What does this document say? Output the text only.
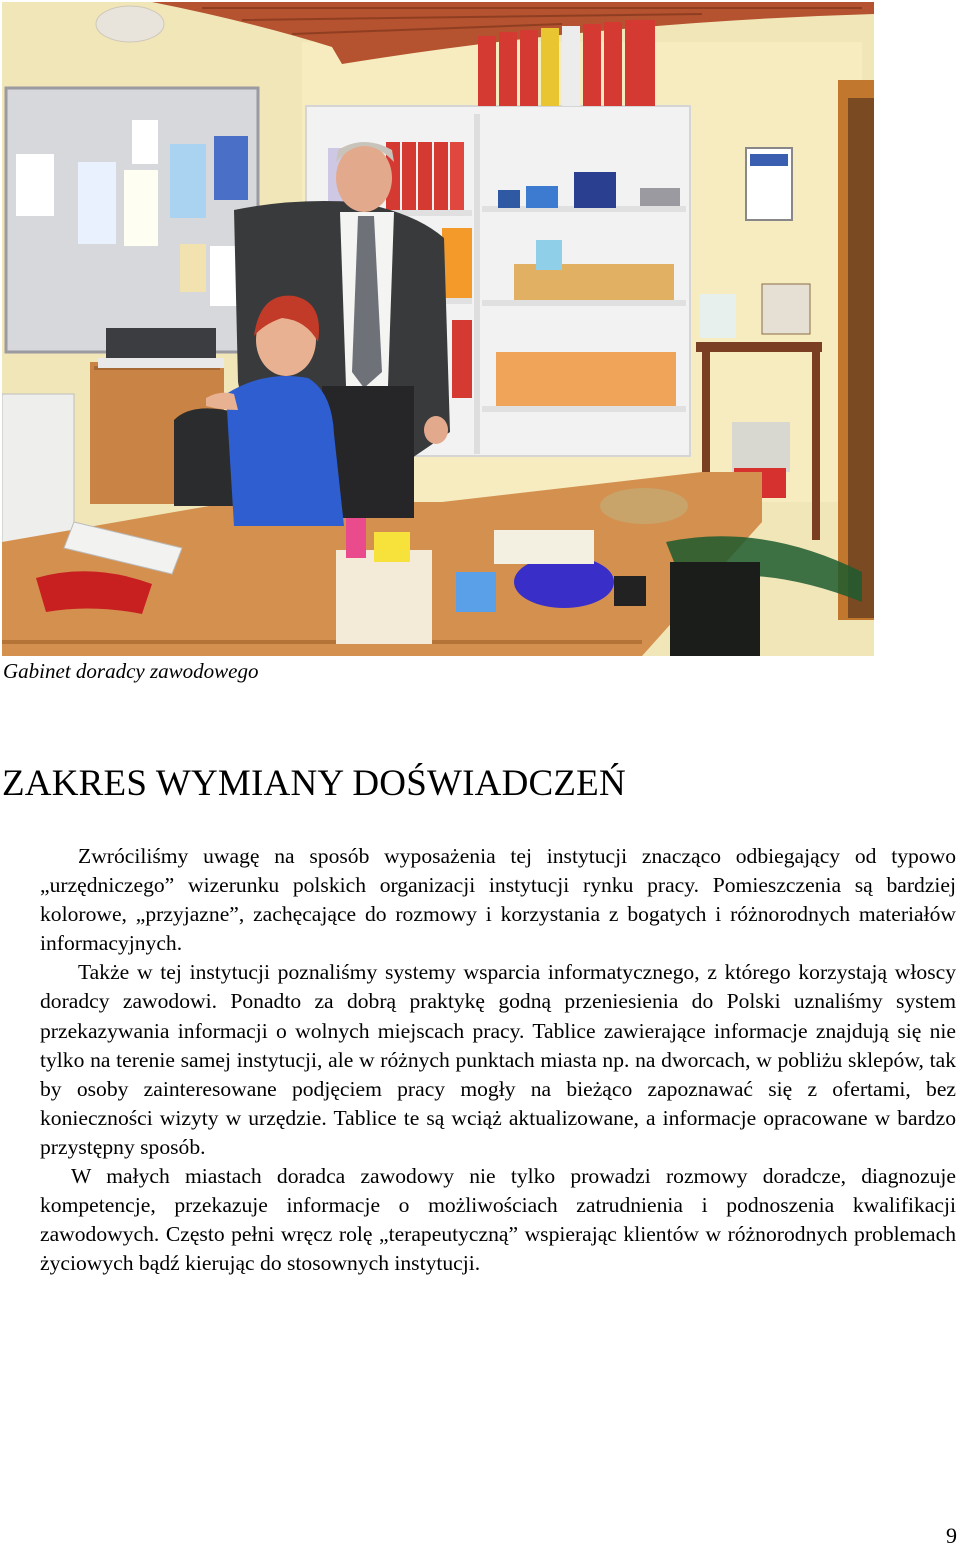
Gabinet doradcy zawodowego
ZAKRES WYMIANY DOŚWIADCZEŃ

Zwróciliśmy uwagę na sposób wyposażenia tej instytucji znacząco odbiegający od typowo „urzędniczego” wizerunku polskich organizacji instytucji rynku pracy. Pomieszczenia są bardziej kolorowe, „przyjazne”, zachęcające do rozmowy i korzystania z bogatych i różnorodnych materiałów informacyjnych.

Także w tej instytucji poznaliśmy systemy wsparcia informatycznego, z którego korzystają włoscy doradcy zawodowi. Ponadto za dobrą praktykę godną przeniesienia do Polski uznaliśmy system przekazywania informacji o wolnych miejscach pracy. Tablice zawierające informacje znajdują się nie tylko na terenie samej instytucji, ale w różnych punktach miasta np. na dworcach, w pobliżu sklepów, tak by osoby zainteresowane podjęciem pracy mogły na bieżąco zapoznawać się z ofertami, bez konieczności wizyty w urzędzie. Tablice te są wciąż aktualizowane, a informacje opracowane w bardzo przystępny sposób.

W małych miastach doradca zawodowy nie tylko prowadzi rozmowy doradcze, diagnozuje kompetencje, przekazuje informacje o możliwościach zatrudnienia i podnoszenia kwalifikacji zawodowych. Często pełni wręcz rolę „terapeutyczną” wspierając klientów w różnorodnych problemach życiowych bądź kierując do stosownych instytucji.

9
